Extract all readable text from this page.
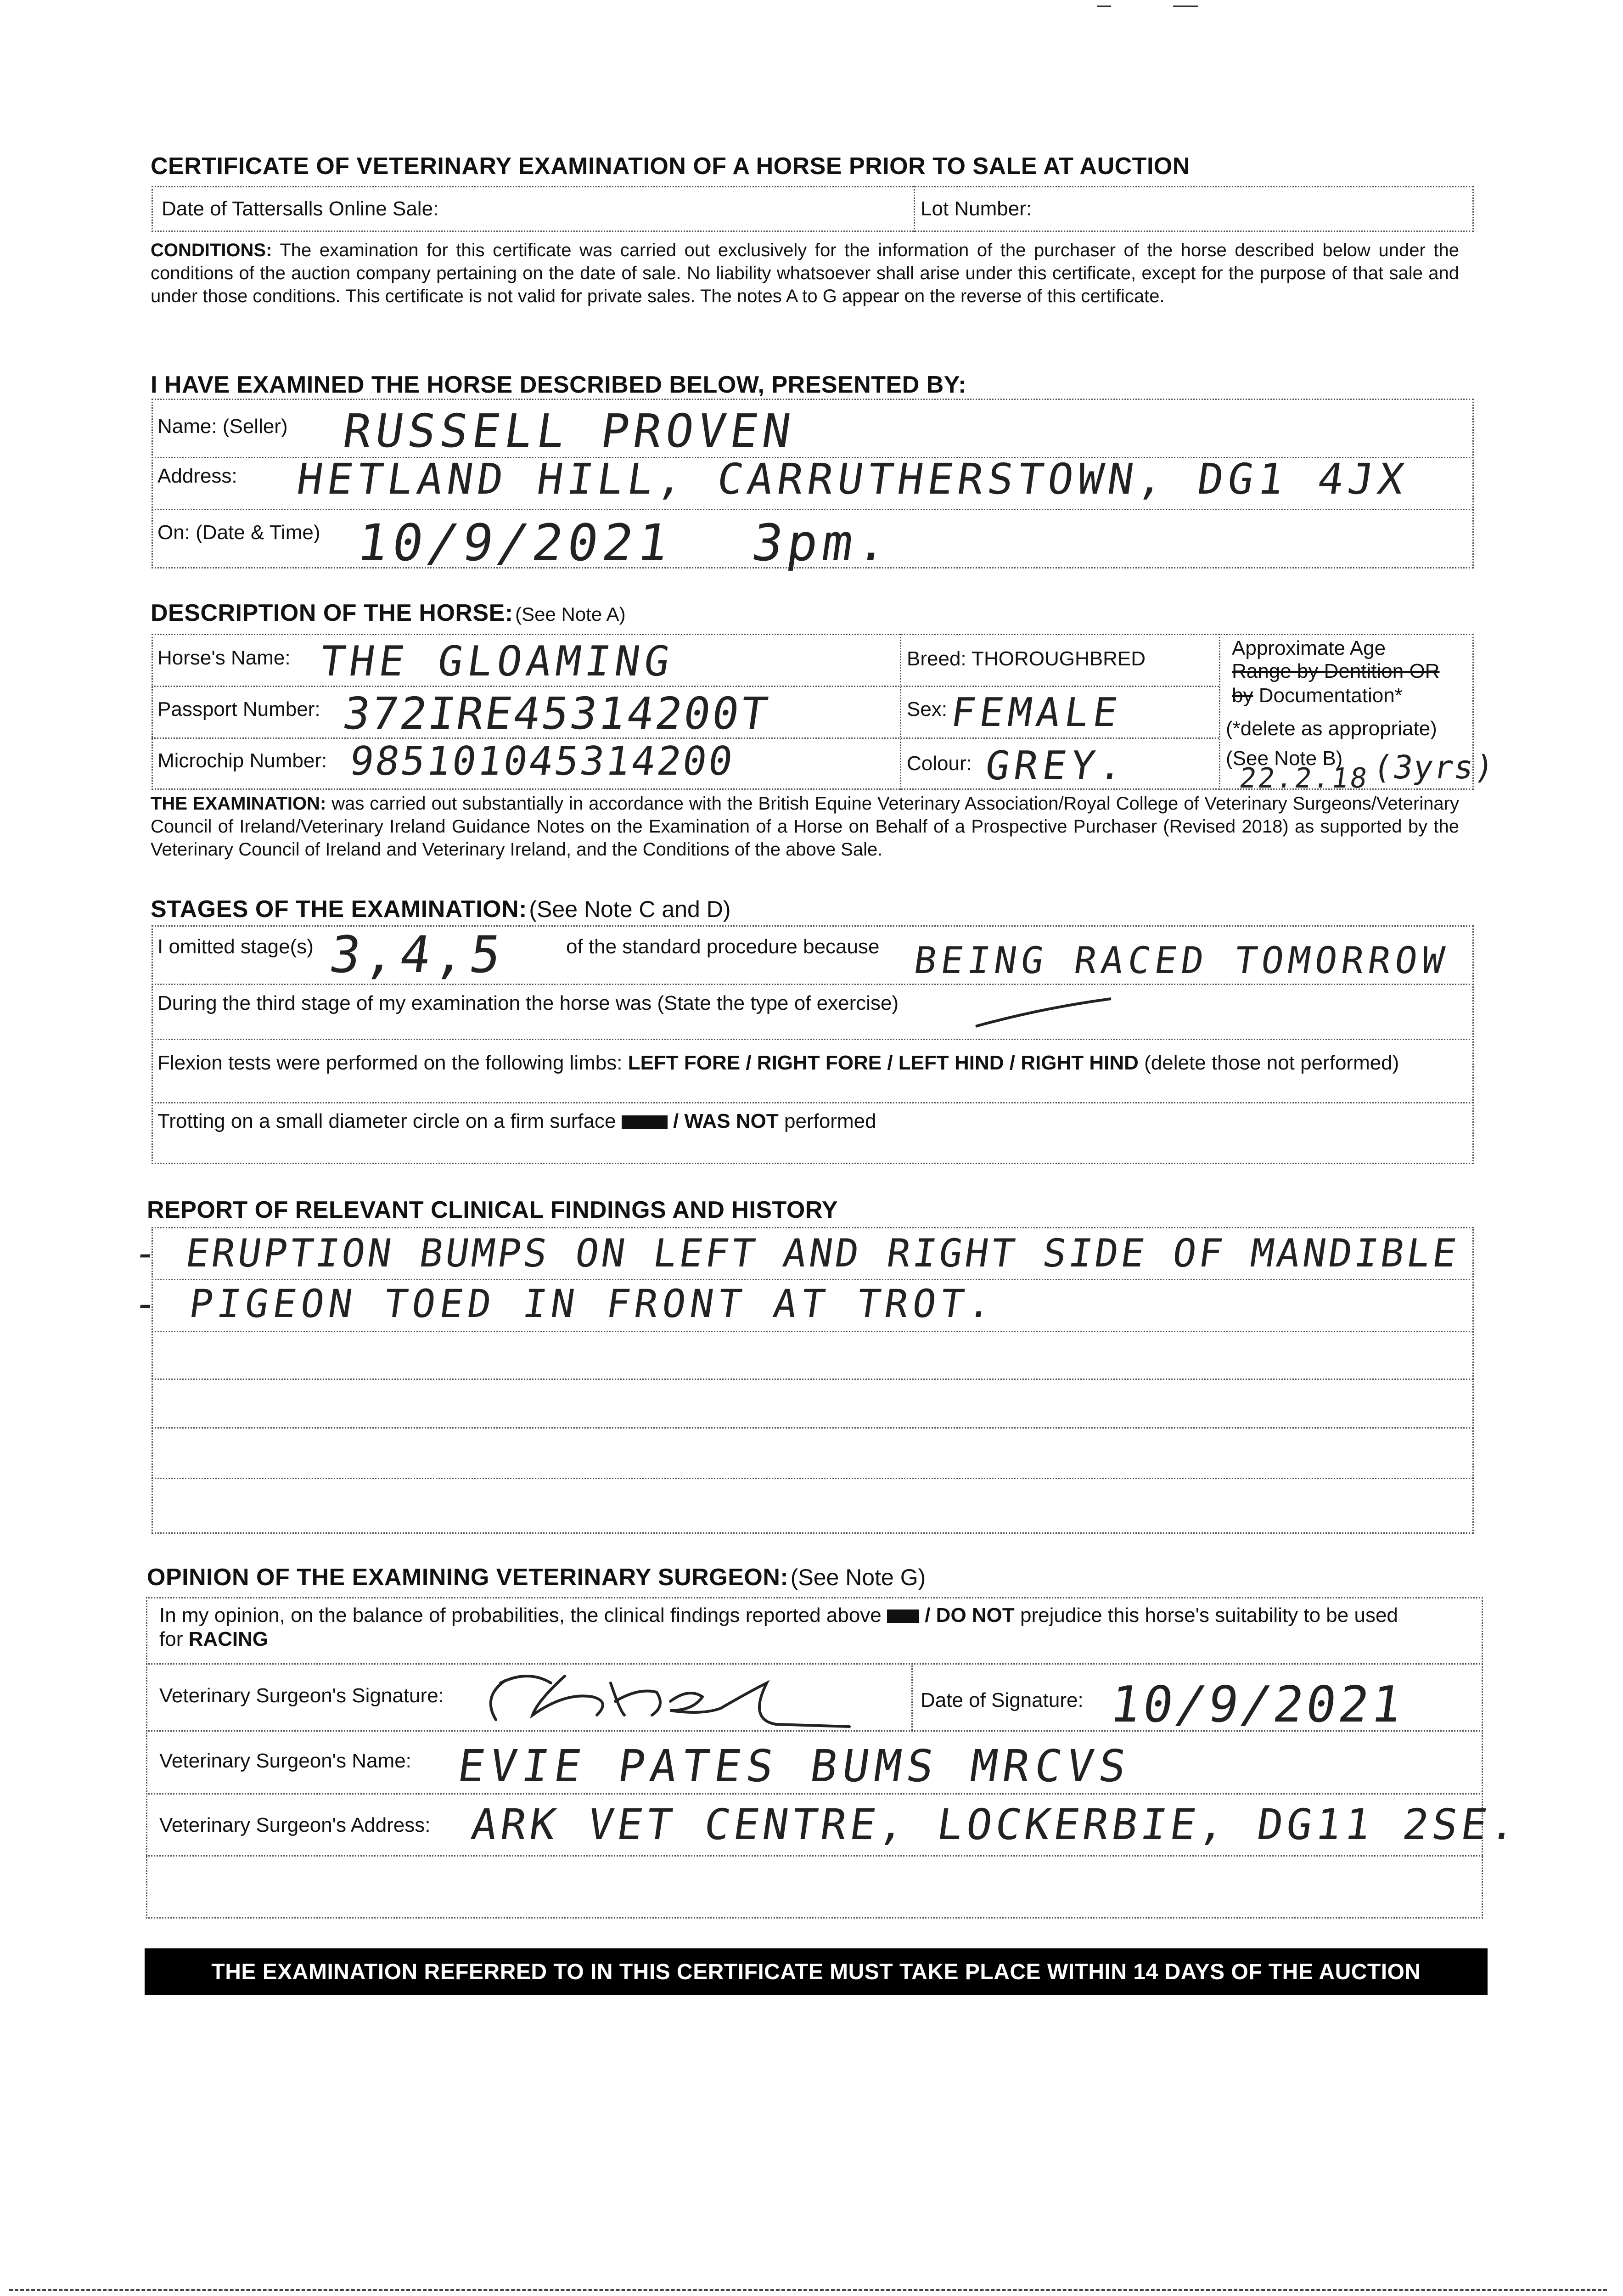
CERTIFICATE OF VETERINARY EXAMINATION OF A HORSE PRIOR TO SALE AT AUCTION
Date of Tattersalls Online Sale:	Lot Number:
CONDITIONS: The examination for this certificate was carried out exclusively for the information of the purchaser of the horse described below under the conditions of the auction company pertaining on the date of sale. No liability whatsoever shall arise under this certificate, except for the purpose of that sale and under those conditions. This certificate is not valid for private sales. The notes A to G appear on the reverse of this certificate.
I HAVE EXAMINED THE HORSE DESCRIBED BELOW, PRESENTED BY:
Name: (Seller) RUSSELL PROVEN
Address: HETLAND HILL, CARRUTHERSTOWN, DG1 4JX
On: (Date & Time) 10/9/2021 3pm.
DESCRIPTION OF THE HORSE: (See Note A)
Horse's Name: THE GLOAMING	Breed: THOROUGHBRED
Passport Number: 372IRE45314200T	Sex: FEMALE
Microchip Number: 985101045314200	Colour: GREY.
Approximate Age
Range by Dentition OR
by Documentation*
(*delete as appropriate)
(See Note B)
22.2.18 (3yrs)
THE EXAMINATION: was carried out substantially in accordance with the British Equine Veterinary Association/Royal College of Veterinary Surgeons/Veterinary Council of Ireland/Veterinary Ireland Guidance Notes on the Examination of a Horse on Behalf of a Prospective Purchaser (Revised 2018) as supported by the Veterinary Council of Ireland and Veterinary Ireland, and the Conditions of the above Sale.
STAGES OF THE EXAMINATION: (See Note C and D)
I omitted stage(s) 3,4,5	of the standard procedure because BEING RACED TOMORROW
During the third stage of my examination the horse was (State the type of exercise)
Flexion tests were performed on the following limbs: LEFT FORE / RIGHT FORE / LEFT HIND / RIGHT HIND (delete those not performed)
Trotting on a small diameter circle on a firm surface	/ WAS NOT performed
REPORT OF RELEVANT CLINICAL FINDINGS AND HISTORY
- ERUPTION BUMPS ON LEFT AND RIGHT SIDE OF MANDIBLE
- PIGEON TOED IN FRONT AT TROT.
OPINION OF THE EXAMINING VETERINARY SURGEON: (See Note G)
In my opinion, on the balance of probabilities, the clinical findings reported above / DO NOT prejudice this horse's suitability to be used
for RACING
Veterinary Surgeon's Signature:	Date of Signature: 10/9/2021
Veterinary Surgeon's Name: EVIE PATES BUMS MRCVS
Veterinary Surgeon's Address: ARK VET CENTRE, LOCKERBIE, DG11 2SE.
THE EXAMINATION REFERRED TO IN THIS CERTIFICATE MUST TAKE PLACE WITHIN 14 DAYS OF THE AUCTION
